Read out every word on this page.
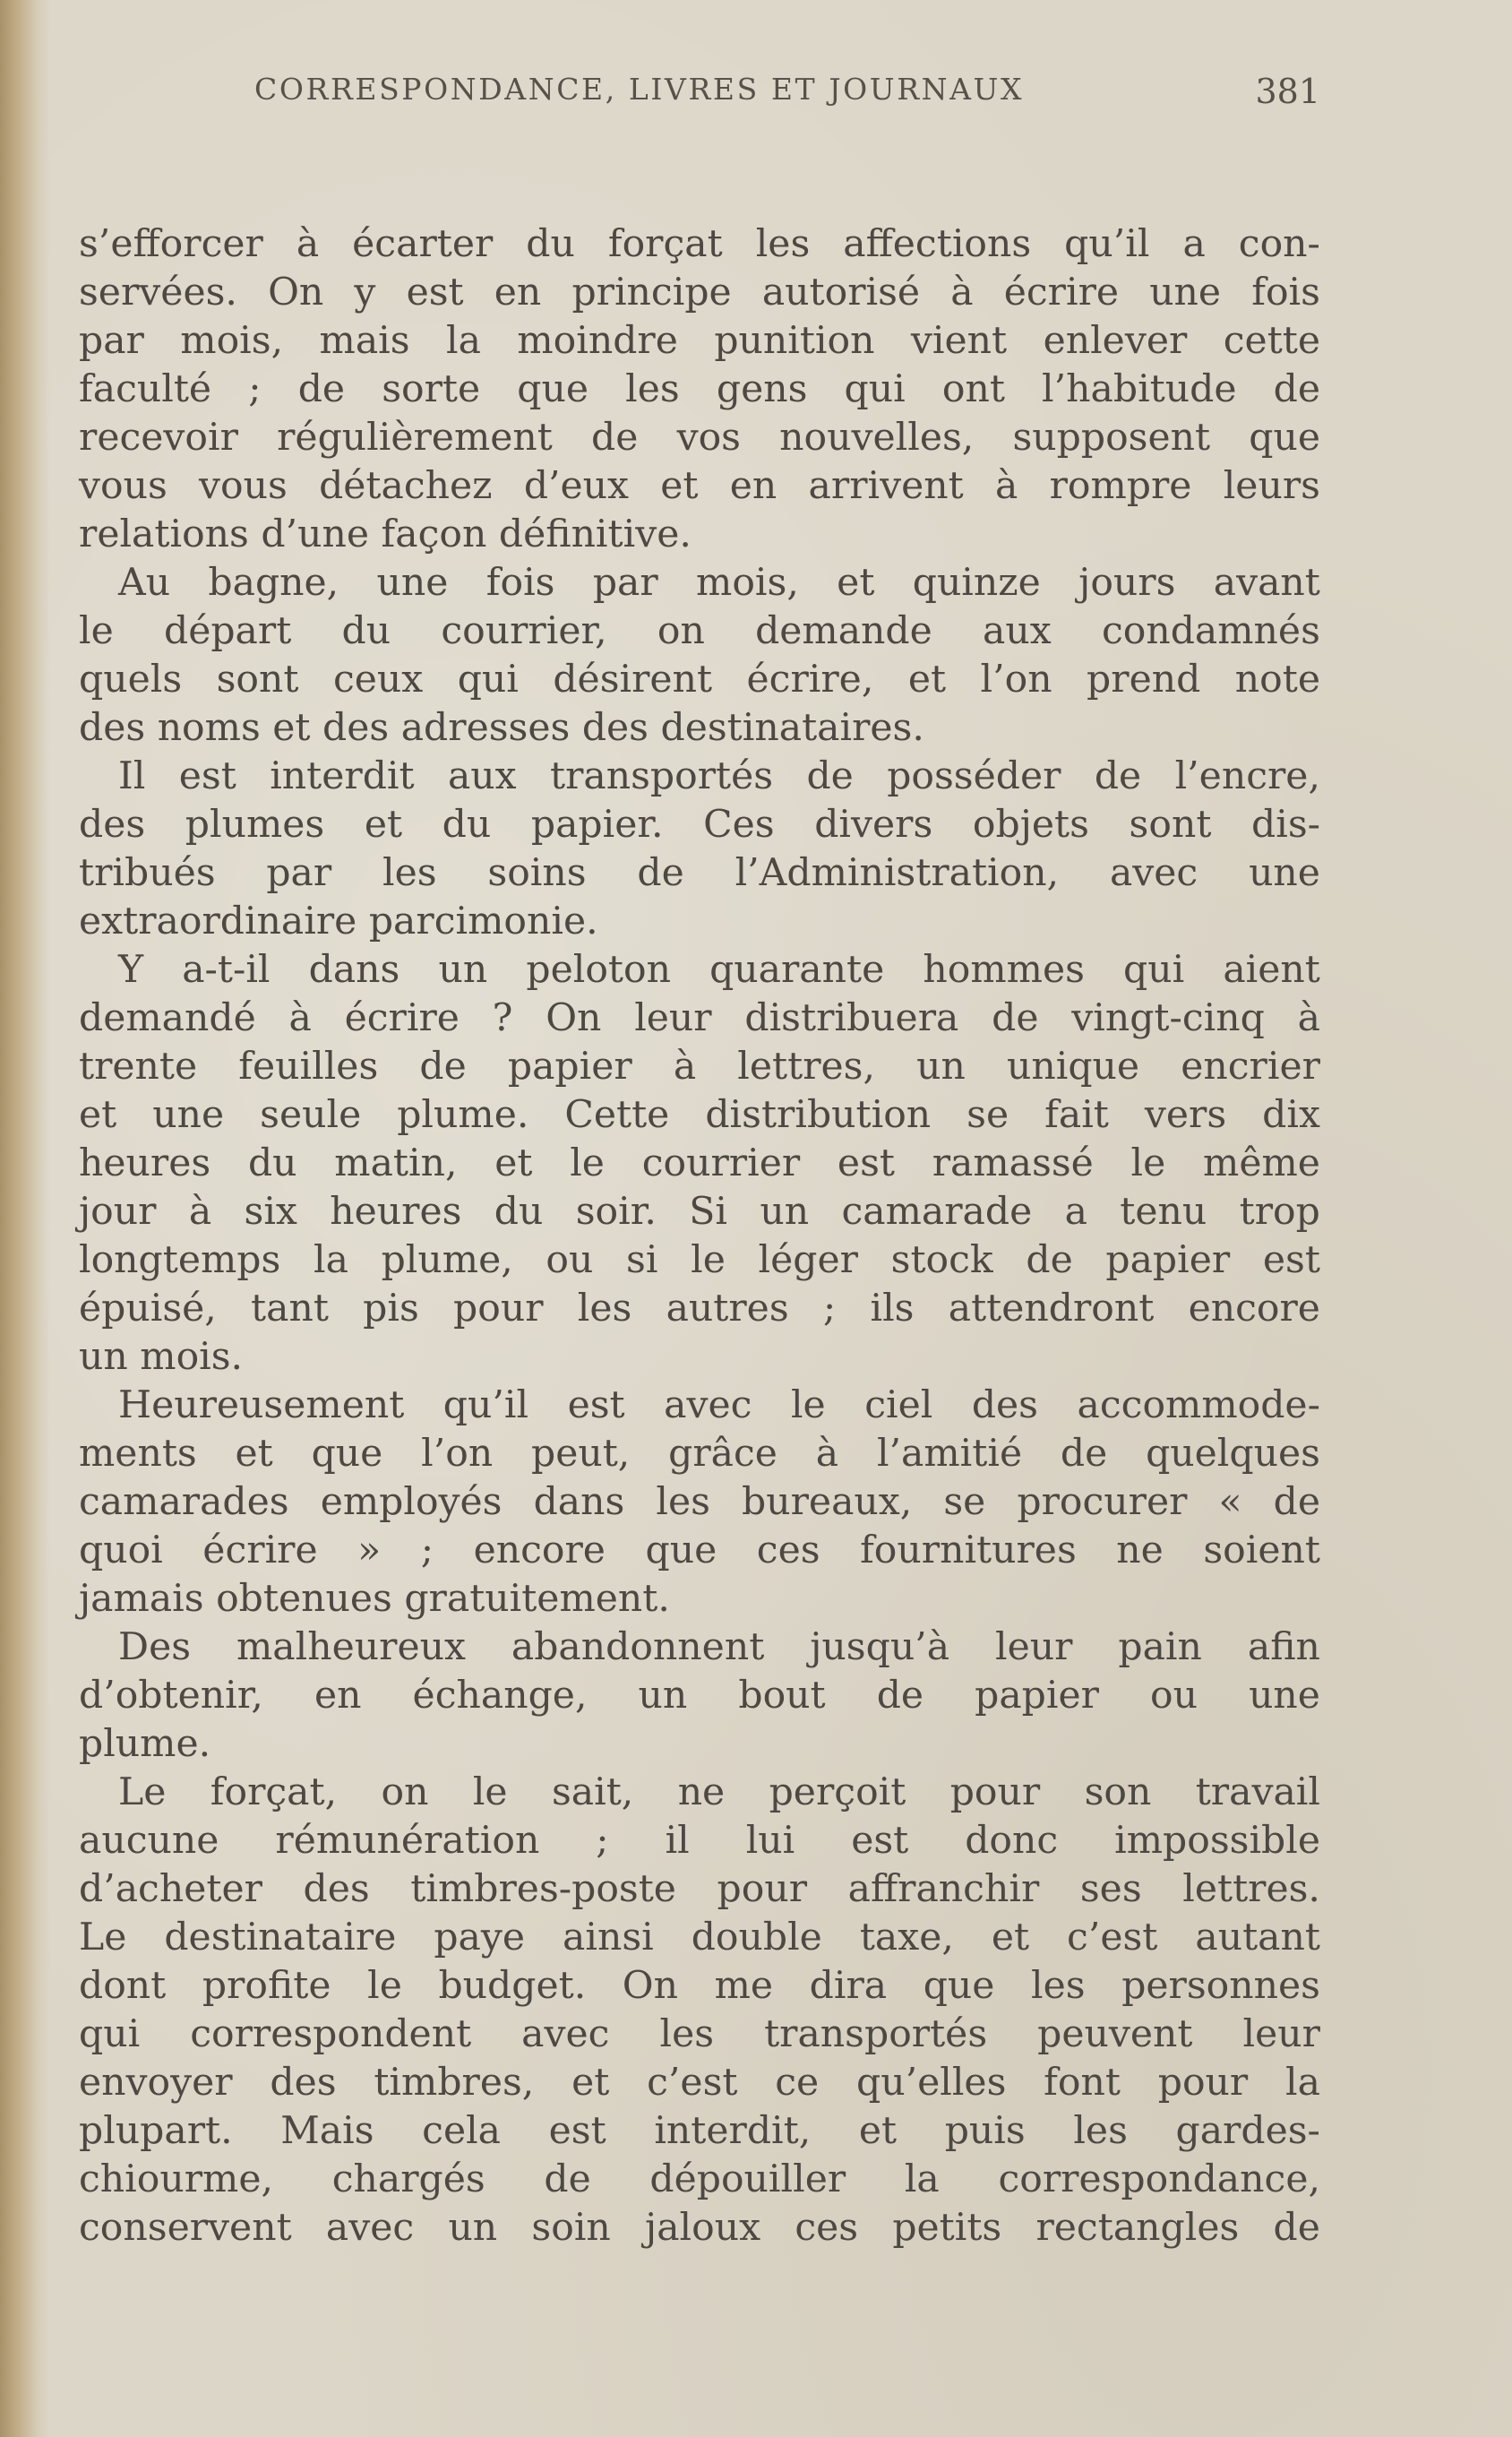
CORRESPONDANCE, LIVRES ET JOURNAUX	381
s’efforcer à écarter du forçat les affections qu’il a con-
servées. On y est en principe autorisé à écrire une fois
par mois, mais la moindre punition vient enlever cette
faculté ; de sorte que les gens qui ont l’habitude de
recevoir régulièrement de vos nouvelles, supposent que
vous vous détachez d’eux et en arrivent à rompre leurs
relations
d’une
façon
définitive.
Au bagne, une fois par mois, et quinze jours avant
le départ du courrier, on demande aux condamnés
quels sont ceux qui désirent écrire, et l’on prend note
des
noms
et
des
adresses
des
destinataires.
Il est interdit aux transportés de posséder de l’encre,
des plumes et du papier. Ces divers objets sont dis-
tribués par les soins de l’Administration, avec une
extraordinaire
parcimonie.
Y a-t-il dans un peloton quarante hommes qui aient
demandé à écrire ? On leur distribuera de vingt-cinq à
trente feuilles de papier à lettres, un unique encrier
et une seule plume. Cette distribution se fait vers dix
heures du matin, et le courrier est ramassé le même
jour à six heures du soir. Si un camarade a tenu trop
longtemps la plume, ou si le léger stock de papier est
épuisé, tant pis pour les autres ; ils attendront encore
un
mois.
Heureusement qu’il est avec le ciel des accommode-
ments et que l’on peut, grâce à l’amitié de quelques
camarades employés dans les bureaux, se procurer « de
quoi écrire » ; encore que ces fournitures ne soient
jamais
obtenues
gratuitement.
Des malheureux abandonnent jusqu’à leur pain afin
d’obtenir, en échange, un bout de papier ou une
plume.
Le forçat, on le sait, ne perçoit pour son travail
aucune rémunération ; il lui est donc impossible
d’acheter des timbres-poste pour affranchir ses lettres.
Le destinataire paye ainsi double taxe, et c’est autant
dont profite le budget. On me dira que les personnes
qui correspondent avec les transportés peuvent leur
envoyer des timbres, et c’est ce qu’elles font pour la
plupart. Mais cela est interdit, et puis les gardes-
chiourme, chargés de dépouiller la correspondance,
conservent avec un soin jaloux ces petits rectangles de
